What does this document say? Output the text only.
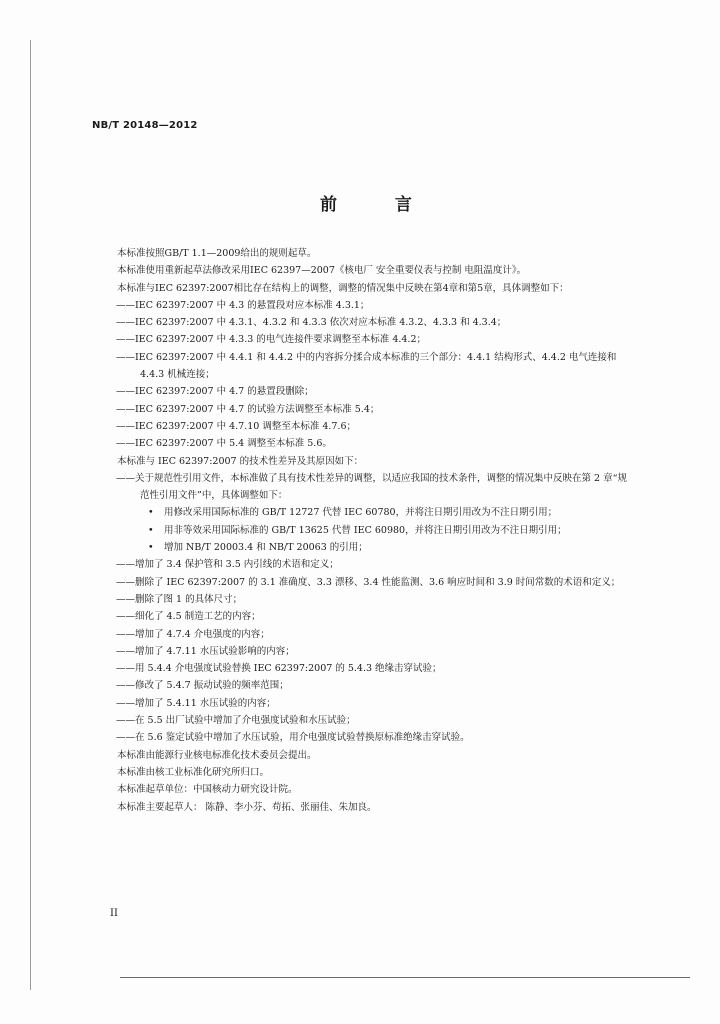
NB/T 20148—2012
前 言

本标准按照GB/T 1.1—2009给出的规则起草。

本标准使用重新起草法修改采用IEC 62397—2007《核电厂 安全重要仪表与控制 电阻温度计》。

本标准与IEC 62397:2007相比存在结构上的调整，调整的情况集中反映在第4章和第5章，具体调整如下：

——IEC 62397:2007 中 4.3 的悬置段对应本标准 4.3.1；

——IEC 62397:2007 中 4.3.1、4.3.2 和 4.3.3 依次对应本标准 4.3.2、4.3.3 和 4.3.4；

——IEC 62397:2007 中 4.3.3 的电气连接件要求调整至本标准 4.4.2；

——IEC 62397:2007 中 4.4.1 和 4.4.2 中的内容拆分揉合成本标准的三个部分：4.4.1 结构形式、4.4.2 电气连接和 4.4.3 机械连接；

——IEC 62397:2007 中 4.7 的悬置段删除；

——IEC 62397:2007 中 4.7 的试验方法调整至本标准 5.4；

——IEC 62397:2007 中 4.7.10 调整至本标准 4.7.6；

——IEC 62397:2007 中 5.4 调整至本标准 5.6。

本标准与 IEC 62397:2007 的技术性差异及其原因如下：

——关于规范性引用文件，本标准做了具有技术性差异的调整，以适应我国的技术条件，调整的情况集中反映在第 2 章“规范性引用文件”中，具体调整如下：

• 用修改采用国际标准的 GB/T 12727 代替 IEC 60780，并将注日期引用改为不注日期引用；

• 用非等效采用国际标准的 GB/T 13625 代替 IEC 60980，并将注日期引用改为不注日期引用；

• 增加 NB/T 20003.4 和 NB/T 20063 的引用；

——增加了 3.4 保护管和 3.5 内引线的术语和定义；

——删除了 IEC 62397:2007 的 3.1 准确度、3.3 漂移、3.4 性能监测、3.6 响应时间和 3.9 时间常数的术语和定义；

——删除了图 1 的具体尺寸；

——细化了 4.5 制造工艺的内容；

——增加了 4.7.4 介电强度的内容；

——增加了 4.7.11 水压试验影响的内容；

——用 5.4.4 介电强度试验替换 IEC 62397:2007 的 5.4.3 绝缘击穿试验；

——修改了 5.4.7 振动试验的频率范围；

——增加了 5.4.11 水压试验的内容；

——在 5.5 出厂试验中增加了介电强度试验和水压试验；

——在 5.6 鉴定试验中增加了水压试验，用介电强度试验替换原标准绝缘击穿试验。

本标准由能源行业核电标准化技术委员会提出。

本标准由核工业标准化研究所归口。

本标准起草单位：中国核动力研究设计院。

本标准主要起草人： 陈静、李小芬、苟拓、张丽佳、朱加良。

II
